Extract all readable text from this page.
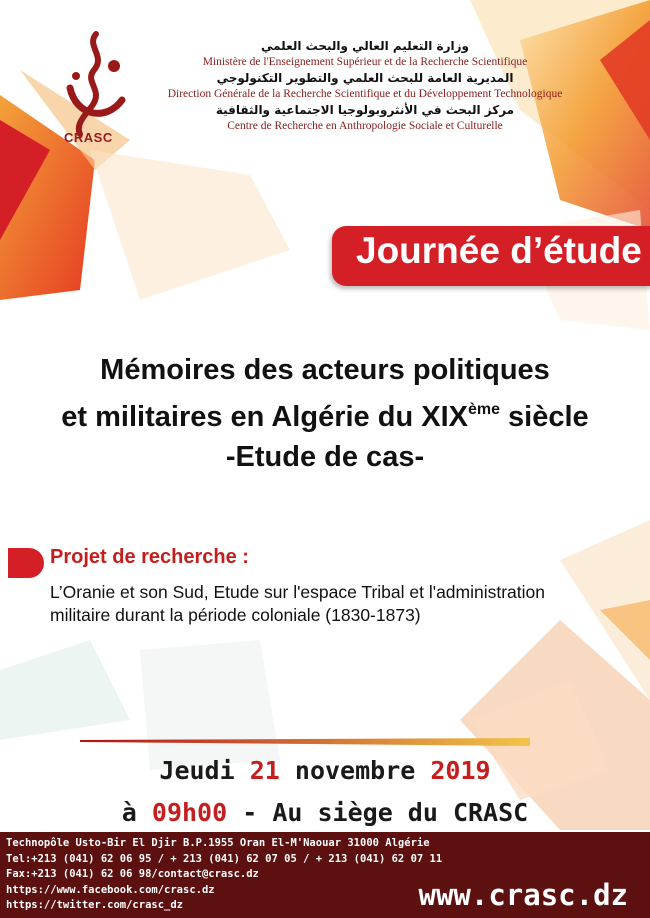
CRASC
وزارة التعليم العالي والبحث العلمي
Ministère de l'Enseignement Supérieur et de la Recherche Scientifique
المديرية العامة للبحث العلمي والتطوير التكنولوجي
Direction Générale de la Recherche Scientifique et du Développement Technologique
مركز البحث في الأنثروبولوجيا الاجتماعية والثقافية
Centre de Recherche en Anthropologie Sociale et Culturelle
Journée d’étude
Mémoires des acteurs politiques
et militaires en Algérie du XIXème siècle
-Etude de cas-
Projet de recherche :
L’Oranie et son Sud, Etude sur l'espace Tribal et l'administration
militaire durant la période coloniale (1830-1873)
Jeudi 21 novembre 2019
à 09h00 - Au siège du CRASC
Technopôle Usto-Bir El Djir B.P.1955 Oran El-M'Naouar 31000 Algérie
Tel:+213 (041) 62 06 95 / + 213 (041) 62 07 05 / + 213 (041) 62 07 11
Fax:+213 (041) 62 06 98/contact@crasc.dz
https://www.facebook.com/crasc.dz
https://twitter.com/crasc_dz	www.crasc.dz
